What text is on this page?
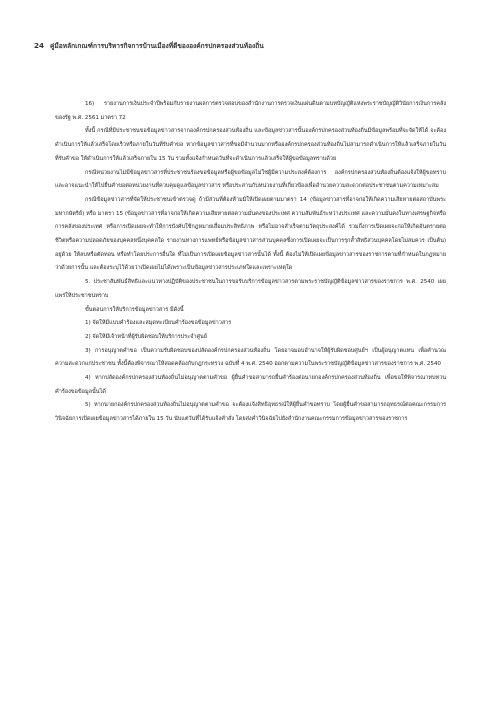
24 คู่มือหลักเกณฑ์การบริหารกิจการบ้านเมืองที่ดีขององค์กรปกครองส่วนท้องถิ่น

16) รายงานการเงินประจำปีพร้อมกับรายงานผลการตรวจสอบของสำนักงานการตรวจเงินแผ่นดินตามบทบัญญัติแห่งพระราชบัญญัติวินัยการเงินการคลังของรัฐ พ.ศ. 2561 มาตรา 72

ทั้งนี้ กรณีที่มีประชาชนขอข้อมูลข่าวสารจากองค์กรปกครองส่วนท้องถิ่น และข้อมูลข่าวสารนั้นองค์กรปกครองส่วนท้องถิ่นมีข้อมูลพร้อมที่จะจัดให้ได้ จะต้องดำเนินการให้แล้วเสร็จโดยเร็วหรือภายในวันที่รับคำขอ หากข้อมูลข่าวสารที่ขอมีจำนวนมากหรือองค์กรปกครองส่วนท้องถิ่นไม่สามารถดำเนินการให้แล้วเสร็จภายในวันที่รับคำขอ ให้ดำเนินการให้แล้วเสร็จภายใน 15 วัน รวมทั้งแจ้งกำหนดวันที่จะดำเนินการแล้วเสร็จให้ผู้ขอข้อมูลทราบด้วย

กรณีหน่วยงานไม่มีข้อมูลข่าวสารที่ประชาชนร้องขอข้อมูลหรือผู้ขอข้อมูลไม่ใช่ผู้มีความประสงค์ต้องการ องค์กรปกครองส่วนท้องถิ่นต้องแจ้งให้ผู้ขอทราบ และอาจแนะนำให้ไปยื่นคำขอต่อหน่วยงานที่ควบคุมดูแลข้อมูลข่าวสาร หรือประสานกับหน่วยงานที่เกี่ยวข้องเพื่ออำนวยความสะดวกต่อประชาชนตามความเหมาะสม

กรณีข้อมูลข่าวสารที่จัดให้ประชาชนเข้าตรวจดู ถ้ามีส่วนที่ต้องห้ามมิให้เปิดเผยตามมาตรา 14 (ข้อมูลข่าวสารที่อาจก่อให้เกิดความเสียหายต่อสถาบันพระมหากษัตริย์) หรือ มาตรา 15 (ข้อมูลข่าวสารที่อาจก่อให้เกิดความเสียหายต่อความมั่นคงของประเทศ ความสัมพันธ์ระหว่างประเทศ และความมั่นคงในทางเศรษฐกิจหรือการคลังของประเทศ หรือการเปิดเผยจะทำให้การบังคับใช้กฎหมายเสื่อมประสิทธิภาพ หรือไม่อาจสำเร็จตามวัตถุประสงค์ได้ รวมถึงการเปิดเผยจะก่อให้เกิดอันตรายต่อชีวิตหรือความปลอดภัยของบุคคลหนึ่งบุคคลใด รายงานทางการแพทย์หรือข้อมูลข่าวสารส่วนบุคคลซึ่งการเปิดเผยจะเป็นการรุกล้ำสิทธิส่วนบุคคลโดยไม่สมควร เป็นต้น) อยู่ด้วย ให้ลบหรือตัดทอน หรือทำโดยประการอื่นใด ที่ไม่เป็นการเปิดเผยข้อมูลข่าวสารนั้นได้ ทั้งนี้ ต้องไม่ให้เปิดเผยข้อมูลข่าวสารของราชการตามที่กำหนดในกฎหมายว่าด้วยการนั้น และต้องระบุไว้ด้วยว่าเปิดเผยไม่ได้เพราะเป็นข้อมูลข่าวสารประเภทใดและเพราะเหตุใด

5. ประชาสัมพันธ์สิทธิและแนวทางปฏิบัติของประชาชนในการขอรับบริการข้อมูลข่าวสารตามพระราชบัญญัติข้อมูลข่าวสารของราชการ พ.ศ. 2540 เผยแพร่ให้ประชาชนทราบ

ขั้นตอนการให้บริการข้อมูลข่าวสาร มีดังนี้

1) จัดให้มีแบบคำร้องและสมุดทะเบียนคำร้องขอข้อมูลข่าวสาร

2) จัดให้มีเจ้าหน้าที่ผู้รับผิดชอบให้บริการประจำศูนย์

3) การอนุญาตคำขอ เป็นความรับผิดชอบของปลัดองค์กรปกครองส่วนท้องถิ่น โดยอาจมอบอำนาจให้ผู้รับผิดชอบศูนย์ฯ เป็นผู้อนุญาตแทน เพื่อคำนวณความสะดวกแก่ประชาชน ทั้งนี้ต้องพิจารณาให้สอดคล้องกับกฎกระทรวง ฉบับที่ 4 พ.ศ. 2540 ออกตามความในพระราชบัญญัติข้อมูลข่าวสารของราชการ พ.ศ. 2540

4) หากปลัดองค์กรปกครองส่วนท้องถิ่นไม่อนุญาตตามคำขอ ผู้ยื่นคำขอสามารถยื่นคำร้องต่อนายกองค์กรปกครองส่วนท้องถิ่น เพื่อขอให้พิจารณาทบทวนคำร้องขอข้อมูลนั้นได้

5) หากนายกองค์กรปกครองส่วนท้องถิ่นไม่อนุญาตตามคำขอ จะต้องแจ้งสิทธิอุทธรณ์ให้ผู้ยื่นคำขอทราบ โดยผู้ยื่นคำขอสามารถอุทธรณ์ต่อคณะกรรมการวินิจฉัยการเปิดเผยข้อมูลข่าวสารได้ภายใน 15 วัน นับแต่วันที่ได้รับแจ้งคำสั่ง โดยส่งคำวินิจฉัยไปยังสำนักงานคณะกรรมการข้อมูลข่าวสารของราชการ
